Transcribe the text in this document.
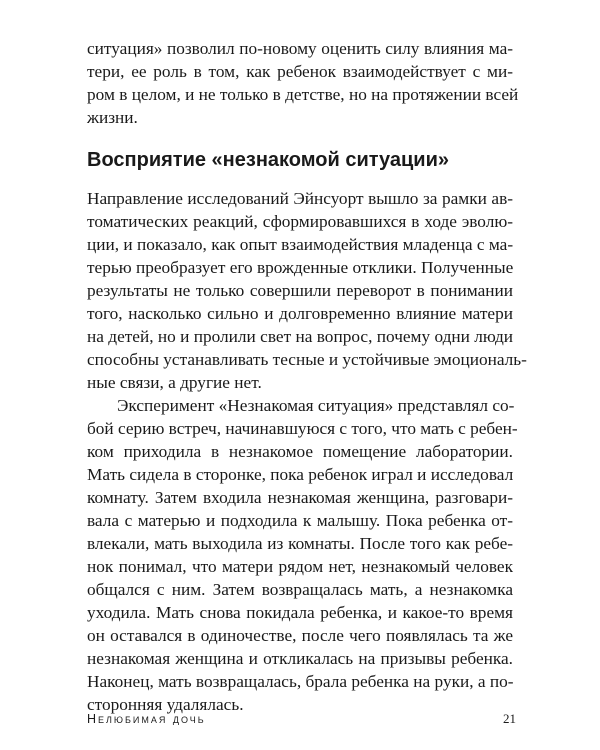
ситуация» позволил по-новому оценить силу влияния ма-
тери, ее роль в том, как ребенок взаимодействует с ми-
ром в целом, и не только в детстве, но на протяжении всей
жизни.
Восприятие «незнакомой ситуации»
Направление исследований Эйнсуорт вышло за рамки ав-
томатических реакций, сформировавшихся в ходе эволю-
ции, и показало, как опыт взаимодействия младенца с ма-
терью преобразует его врожденные отклики. Полученные
результаты не только совершили переворот в понимании
того, насколько сильно и долговременно влияние матери
на детей, но и пролили свет на вопрос, почему одни люди
способны устанавливать тесные и устойчивые эмоциональ-
ные связи, а другие нет.
Эксперимент «Незнакомая ситуация» представлял со-
бой серию встреч, начинавшуюся с того, что мать с ребен-
ком приходила в незнакомое помещение лаборатории.
Мать сидела в сторонке, пока ребенок играл и исследовал
комнату. Затем входила незнакомая женщина, разговари-
вала с матерью и подходила к малышу. Пока ребенка от-
влекали, мать выходила из комнаты. После того как ребе-
нок понимал, что матери рядом нет, незнакомый человек
общался с ним. Затем возвращалась мать, а незнакомка
уходила. Мать снова покидала ребенка, и какое-то время
он оставался в одиночестве, после чего появлялась та же
незнакомая женщина и откликалась на призывы ребенка.
Наконец, мать возвращалась, брала ребенка на руки, а по-
сторонняя удалялась.
Нелюбимая дочь	21
